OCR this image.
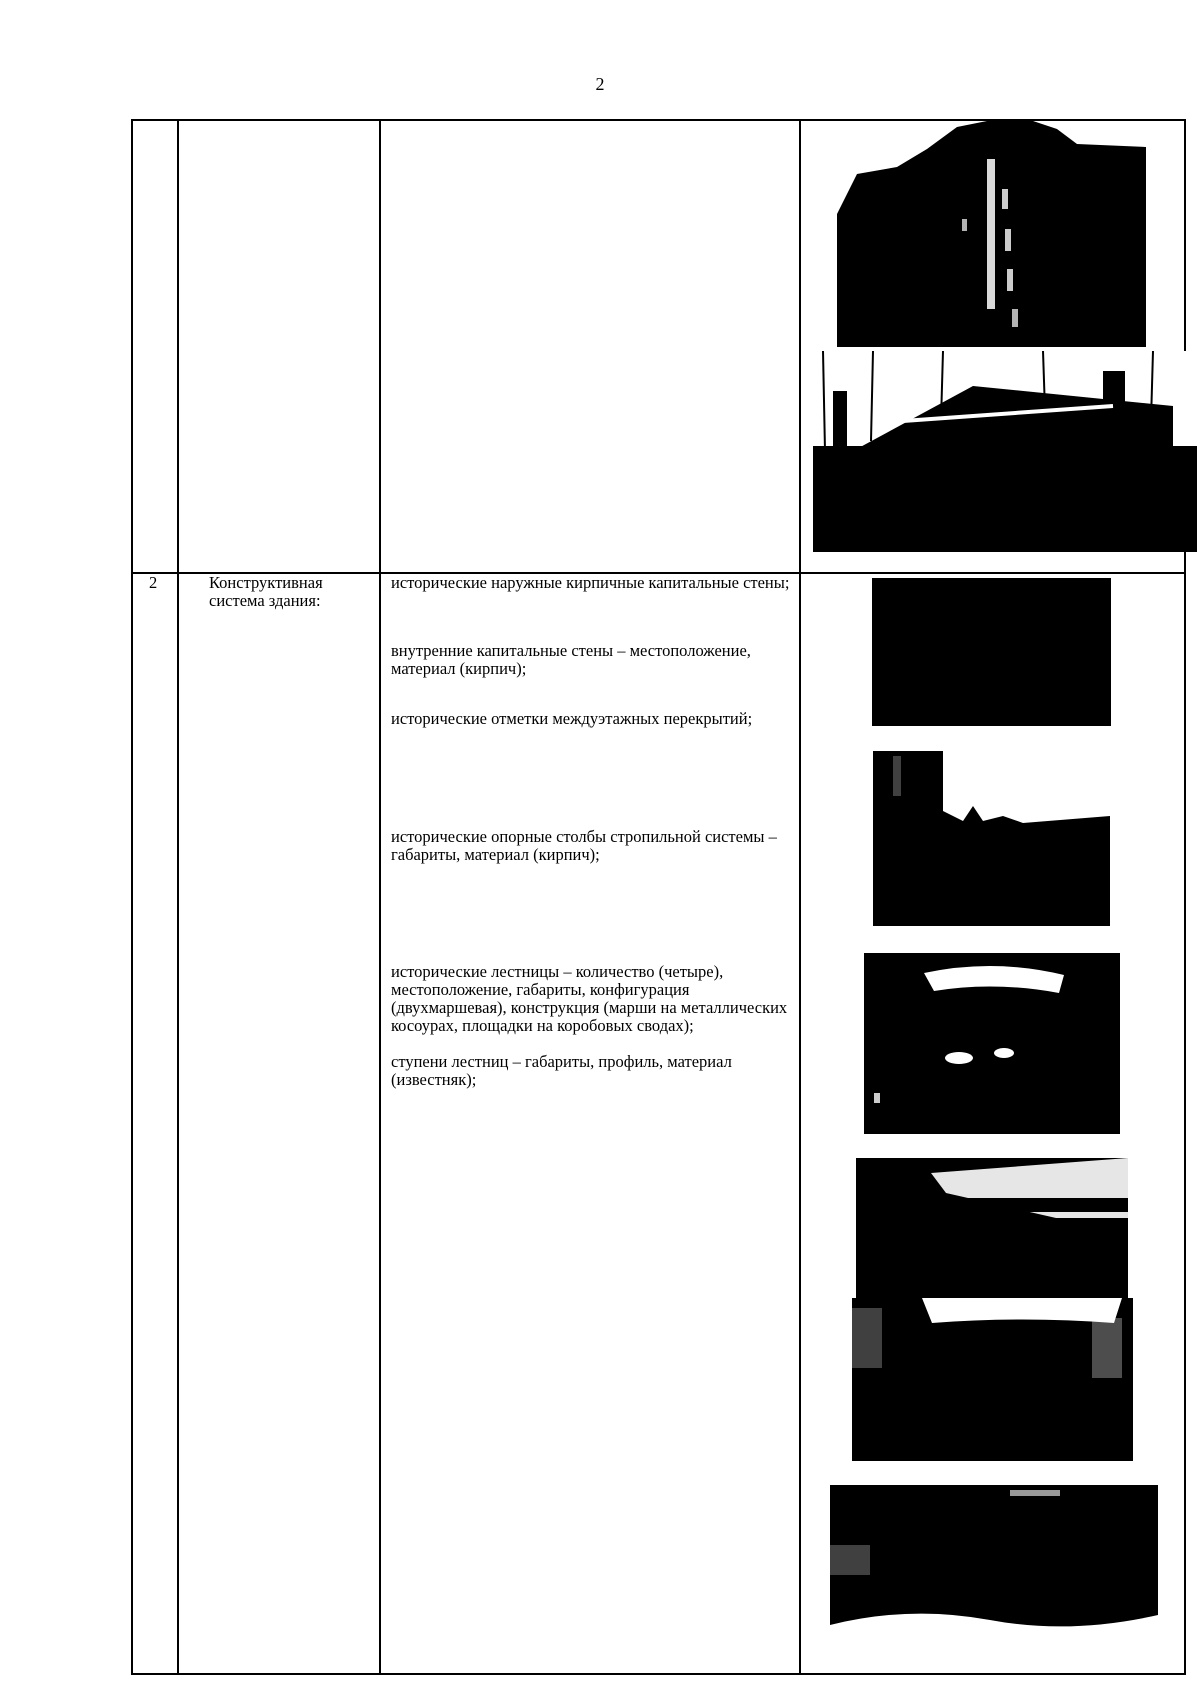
2
2	Конструктивная система здания:

исторические наружные кирпичные капитальные стены;

внутренние капитальные стены – местоположение, материал (кирпич);

исторические отметки междуэтажных перекрытий;

исторические опорные столбы стропильной системы – габариты, материал (кирпич);

исторические лестницы – количество (четыре), местоположение, габариты, конфигурация (двухмаршевая), конструкция (марши на металлических косоурах, площадки на коробовых сводах);

ступени лестниц – габариты, профиль, материал (известняк);
